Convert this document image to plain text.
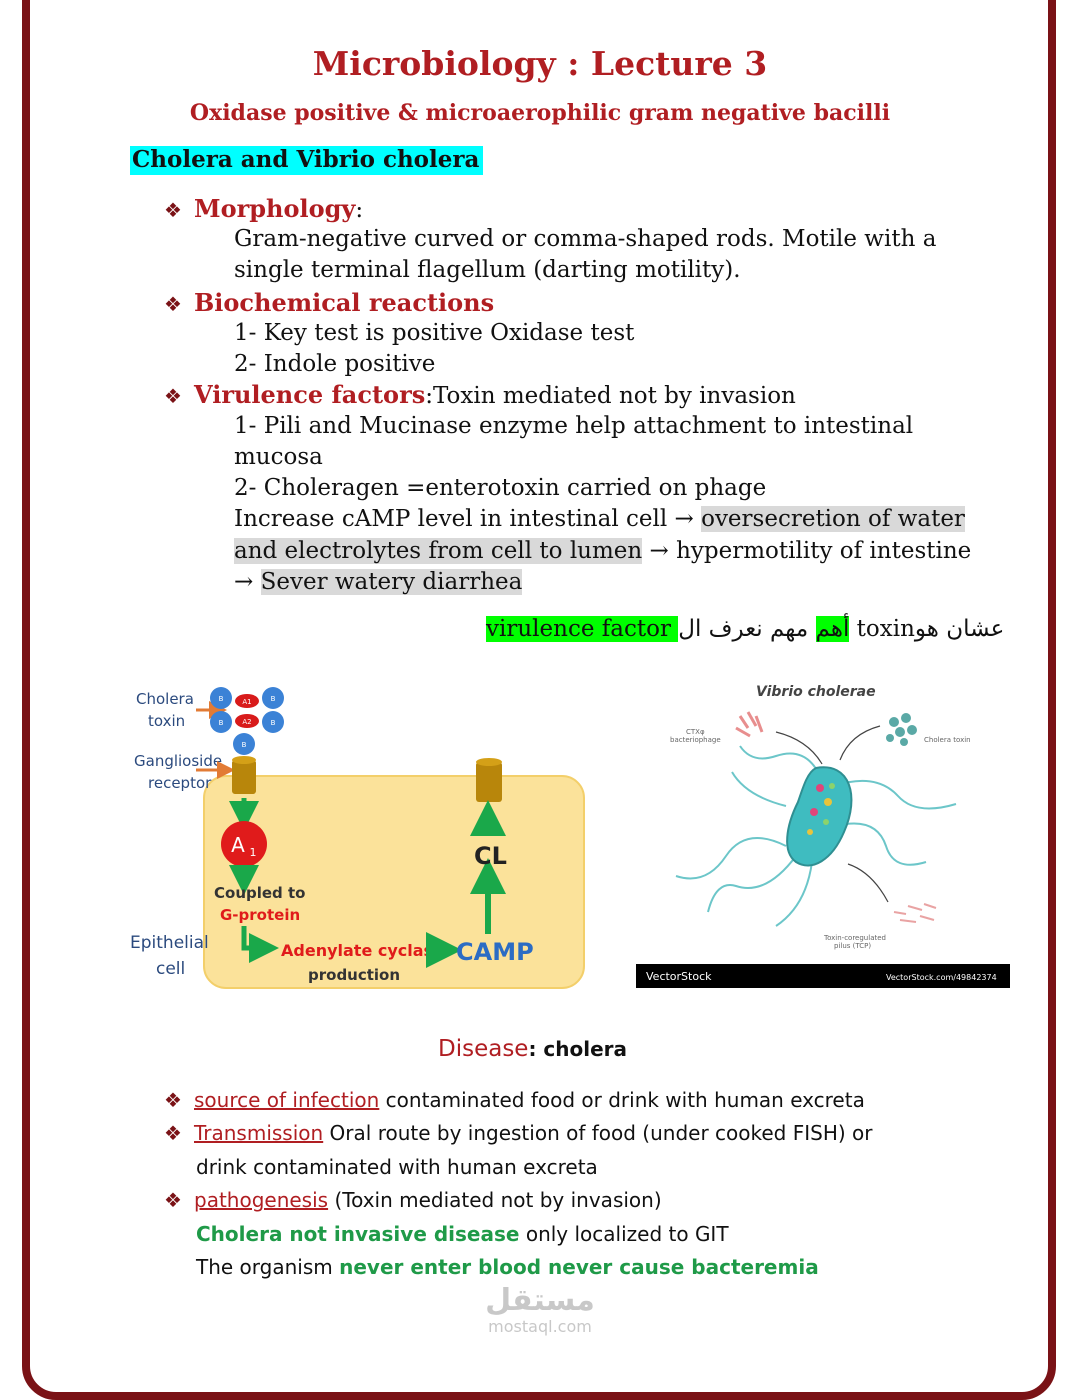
Microbiology : Lecture 3
Oxidase positive & microaerophilic gram negative bacilli
Cholera and Vibrio cholera
❖ Morphology:
Gram-negative curved or comma-shaped rods. Motile with a
single terminal flagellum (darting motility).
❖ Biochemical reactions
1- Key test is positive Oxidase test
2- Indole positive
❖ Virulence factors:Toxin mediated not by invasion
1- Pili and Mucinase enzyme help attachment to intestinal
mucosa
2- Choleragen =enterotoxin carried on phage
Increase cAMP level in intestinal cell → oversecretion of water
and electrolytes from cell to lumen → hypermotility of intestine
→ Sever watery diarrhea
virulence factor أهم مهم نعرف ال toxinعشان هو
Cholera
toxin
Ganglioside
receptor
Epithelial
cell
B	B
B	B
B
A1
A2
A 1
Coupled to
G-protein
Adenylate cyclase CAMP
production
CL
Vibrio cholerae
CTXφ
bacteriophage	Cholera toxin
Toxin-coregulated
pilus (TCP)
VectorStock	VectorStock.com/49842374
Disease: cholera
❖ source of infection contaminated food or drink with human excreta
❖ Transmission Oral route by ingestion of food (under cooked FISH) or
drink contaminated with human excreta
❖ pathogenesis (Toxin mediated not by invasion)
Cholera not invasive disease only localized to GIT
The organism never enter blood never cause bacteremia
مستقل
mostaql.com
